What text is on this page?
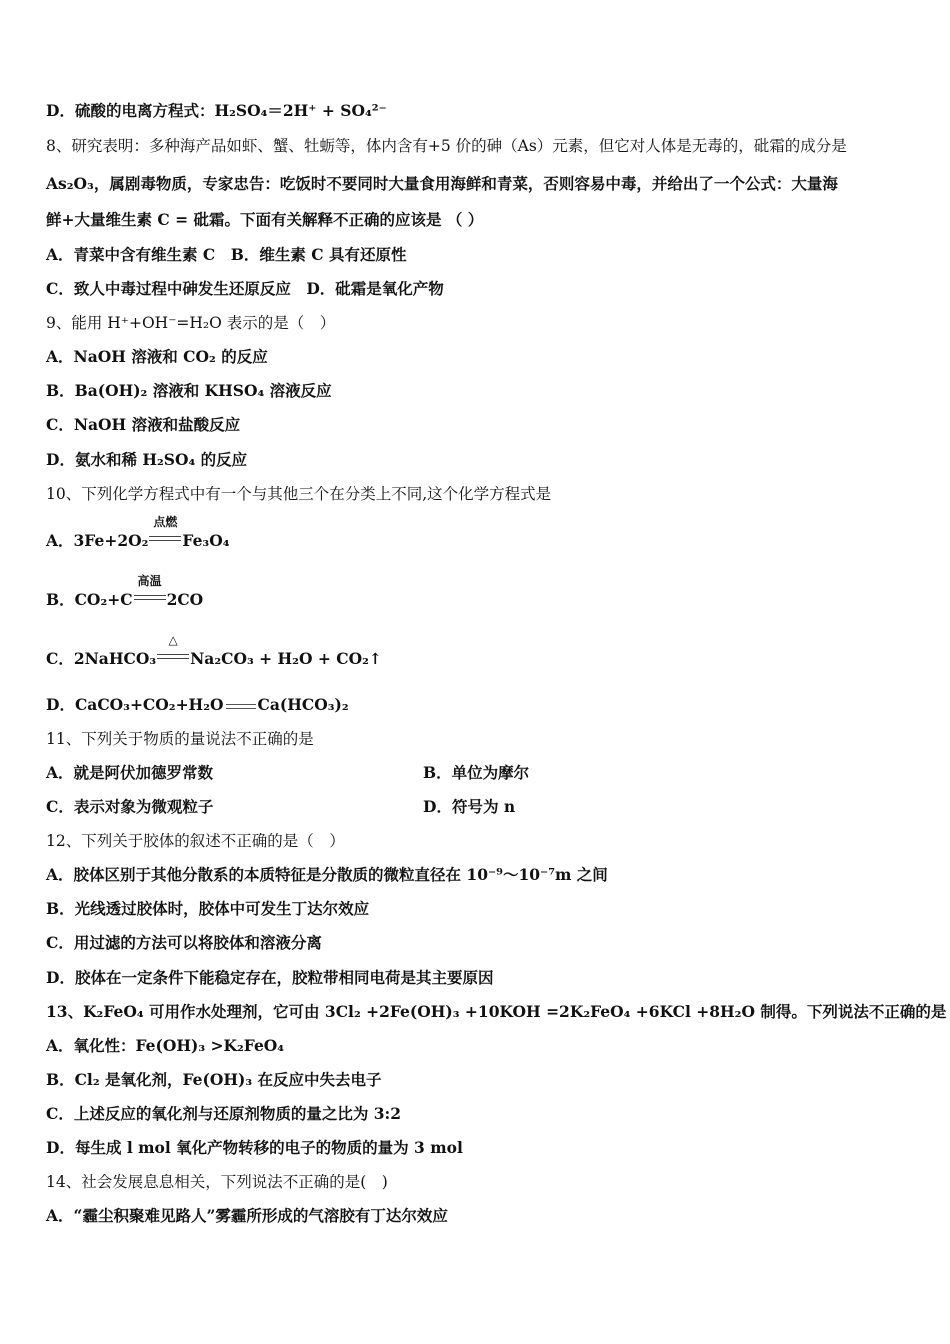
D．硫酸的电离方程式：H₂SO₄＝2H⁺ + SO₄²⁻
8、研究表明：多种海产品如虾、蟹、牡蛎等，体内含有+5 价的砷（As）元素，但它对人体是无毒的，砒霜的成分是
As₂O₃，属剧毒物质，专家忠告：吃饭时不要同时大量食用海鲜和青菜，否则容易中毒，并给出了一个公式：大量海
鲜+大量维生素 C = 砒霜。下面有关解释不正确的应该是 （ ）
A．青菜中含有维生素 C　B．维生素 C 具有还原性
C．致人中毒过程中砷发生还原反应　D．砒霜是氧化产物
9、能用 H⁺+OH⁻=H₂O 表示的是（　）
A．NaOH 溶液和 CO₂ 的反应
B．Ba(OH)₂ 溶液和 KHSO₄ 溶液反应
C．NaOH 溶液和盐酸反应
D．氨水和稀 H₂SO₄ 的反应
10、下列化学方程式中有一个与其他三个在分类上不同,这个化学方程式是
A．3Fe+2O₂
点燃
Fe₃O₄
B．CO₂+C
高温
2CO
C．2NaHCO₃
△
Na₂CO₃ + H₂O + CO₂↑
D．CaCO₃+CO₂+H₂O Ca(HCO₃)₂
11、下列关于物质的量说法不正确的是
A．就是阿伏加德罗常数	B．单位为摩尔
C．表示对象为微观粒子	D．符号为 n
12、下列关于胶体的叙述不正确的是（　）
A．胶体区别于其他分散系的本质特征是分散质的微粒直径在 10⁻⁹～10⁻⁷m 之间
B．光线透过胶体时，胶体中可发生丁达尔效应
C．用过滤的方法可以将胶体和溶液分离
D．胶体在一定条件下能稳定存在，胶粒带相同电荷是其主要原因
13、K₂FeO₄ 可用作水处理剂，它可由 3Cl₂ +2Fe(OH)₃ +10KOH =2K₂FeO₄ +6KCl +8H₂O 制得。下列说法不正确的是
A．氧化性：Fe(OH)₃ >K₂FeO₄
B．Cl₂ 是氧化剂，Fe(OH)₃ 在反应中失去电子
C．上述反应的氧化剂与还原剂物质的量之比为 3:2
D．每生成 l mol 氧化产物转移的电子的物质的量为 3 mol
14、社会发展息息相关，下列说法不正确的是(　)
A．“霾尘积聚难见路人”雾霾所形成的气溶胶有丁达尔效应
